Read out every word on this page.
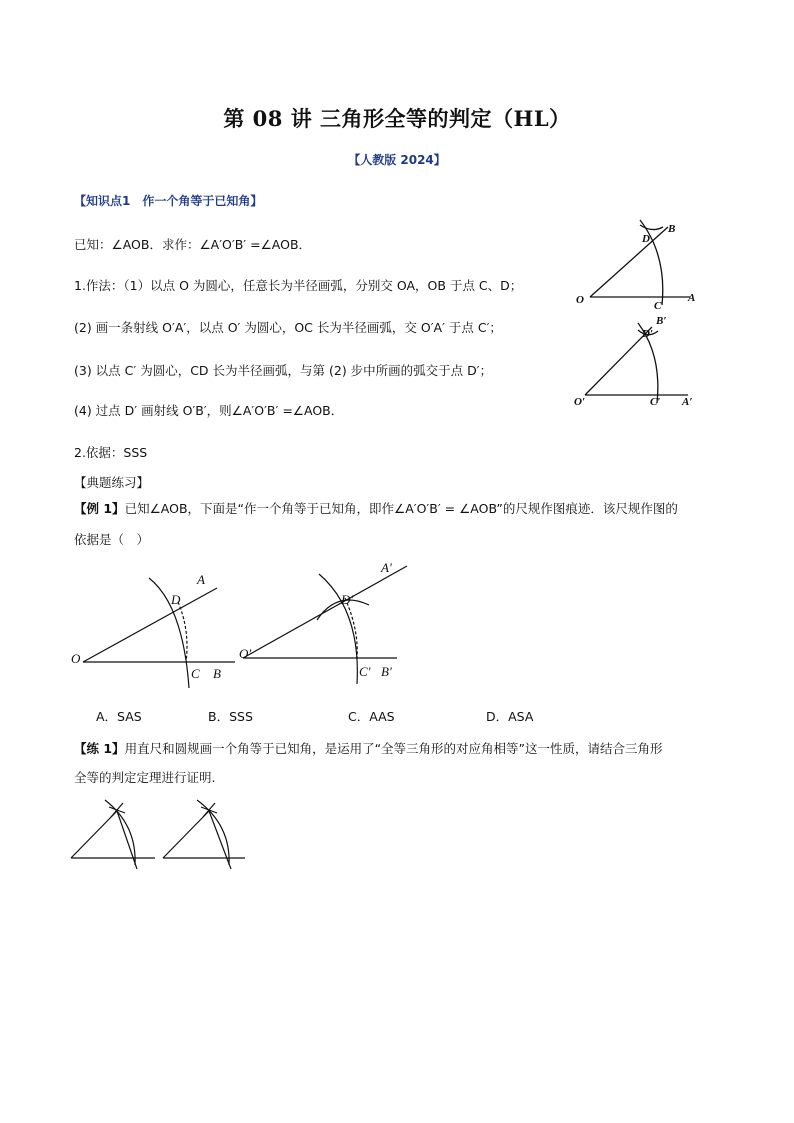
第 08 讲 三角形全等的判定（HL）
【人教版 2024】
【知识点1　作一个角等于已知角】
已知：∠AOB．求作：∠A′O′B′ =∠AOB．
1.作法：（1）以点 O 为圆心，任意长为半径画弧，分别交 OA，OB 于点 C、D；
(2) 画一条射线 O′A′，以点 O′ 为圆心，OC 长为半径画弧，交 O′A′ 于点 C′；
(3) 以点 C′ 为圆心，CD 长为半径画弧，与第 (2) 步中所画的弧交于点 D′；
(4) 过点 D′ 画射线 O′B′，则∠A′O′B′ =∠AOB．
2.依据：SSS
O	C
A
D
B
O′	C′ A′
D′
B′
【典题练习】
【例 1】已知∠AOB，下面是“作一个角等于已知角，即作∠A′O′B′ = ∠AOB”的尺规作图痕迹．该尺规作图的
依据是（　）
O
D
A
C B
O′
D′
A′
C′ B′
A．SAS	B．SSS	C．AAS	D．ASA
【练 1】用直尺和圆规画一个角等于已知角，是运用了“全等三角形的对应角相等”这一性质，请结合三角形
全等的判定定理进行证明.
